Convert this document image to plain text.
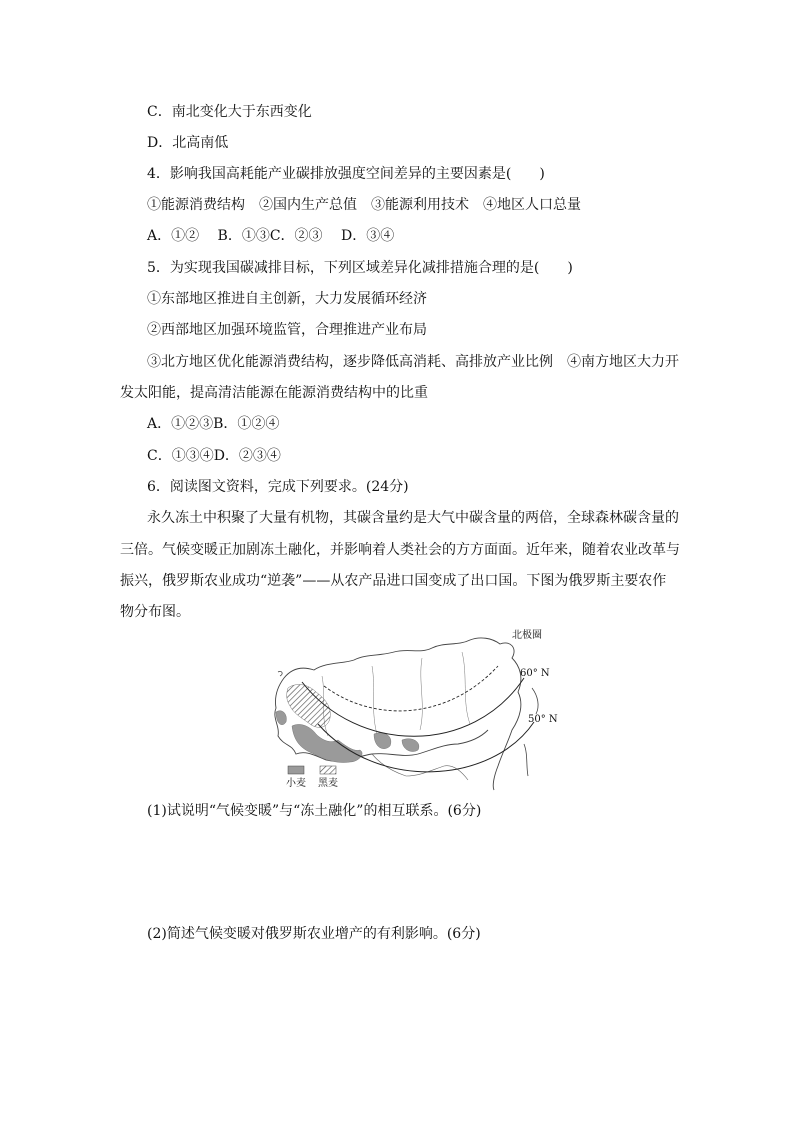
C．南北变化大于东西变化
D．北高南低
4．影响我国高耗能产业碳排放强度空间差异的主要因素是(　　)
①能源消费结构　②国内生产总值　③能源利用技术　④地区人口总量
A．①②　 B．①③C．②③　 D．③④
5．为实现我国碳减排目标，下列区域差异化减排措施合理的是(　　)
①东部地区推进自主创新，大力发展循环经济
②西部地区加强环境监管，合理推进产业布局
③北方地区优化能源消费结构，逐步降低高消耗、高排放产业比例　④南方地区大力开
发太阳能，提高清洁能源在能源消费结构中的比重
A．①②③B．①②④
C．①③④D．②③④
6．阅读图文资料，完成下列要求。(24分)
永久冻土中积聚了大量有机物，其碳含量约是大气中碳含量的两倍，全球森林碳含量的
三倍。气候变暖正加剧冻土融化，并影响着人类社会的方方面面。近年来，随着农业改革与
振兴，俄罗斯农业成功“逆袭”——从农产品进口国变成了出口国。下图为俄罗斯主要农作
物分布图。
北极圈
60° N
50° N
小麦 黑麦
(1)试说明“气候变暖”与“冻土融化”的相互联系。(6分)
(2)简述气候变暖对俄罗斯农业增产的有利影响。(6分)
